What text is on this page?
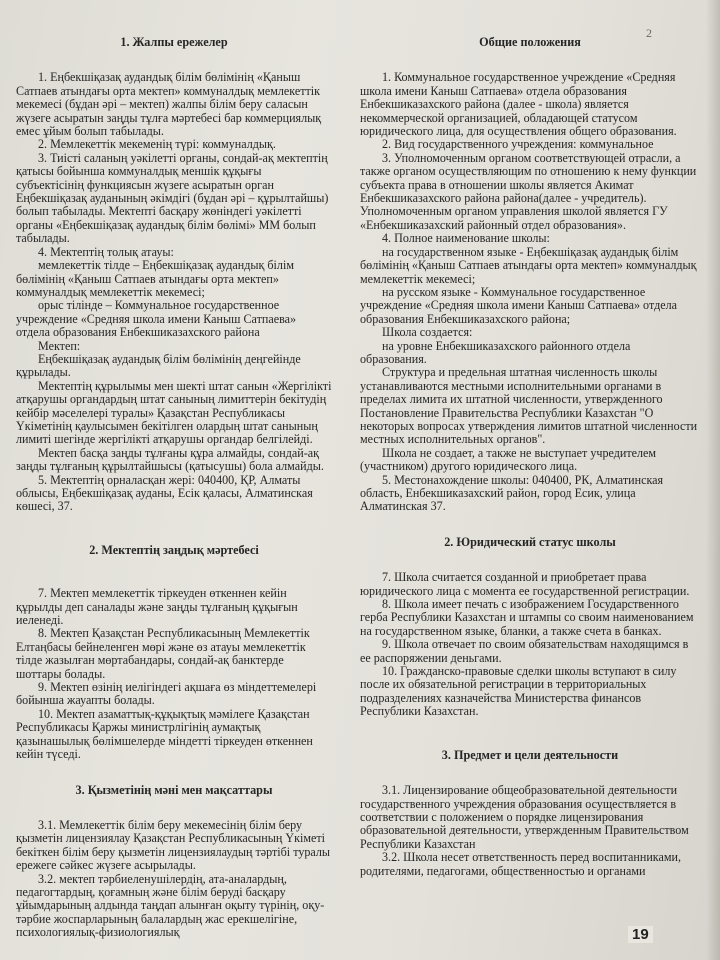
2

1. Жалпы ережелер

1. Еңбекшіқазақ аудандық білім бөлімінің «Қаныш Сатпаев атындағы орта мектеп» коммуналдық мемлекеттік мекемесі (бұдан әрі – мектеп) жалпы білім беру саласын жүзеге асыратын заңды тұлға мәртебесі бар коммерциялық емес ұйым болып табылады.

2. Мемлекеттік мекеменің түрі: коммуналдық.

3. Тиісті саланың уәкілетті органы, сондай-ақ мектептің қатысы бойынша коммуналдық меншік құқығы субъектісінің функциясын жүзеге асыратын орган Еңбекшіқазақ ауданының әкімдігі (бұдан әрі – құрылтайшы) болып табылады. Мектепті басқару жөніндегі уәкілетті органы «Еңбекшіқазақ аудандық білім бөлімі» ММ болып табылады.

4. Мектептің толық атауы:

мемлекеттік тілде – Еңбекшіқазақ аудандық білім бөлімінің «Қаныш Сатпаев атындағы орта мектеп» коммуналдық мемлекеттік мекемесі;

орыс тілінде – Коммунальное государственное учреждение «Средняя школа имени Каныш Сатпаева» отдела образования Енбекшиказахского района

Мектеп:

Еңбекшіқазақ аудандық білім бөлімінің деңгейінде құрылады.

Мектептің құрылымы мен шекті штат санын «Жергілікті атқарушы органдардың штат санының лимиттерін бекітудің кейбір мәселелері туралы» Қазақстан Республикасы Үкіметінің қаулысымен бекітілген олардың штат санының лимиті шегінде жергілікті атқарушы органдар белгілейді.

Мектеп басқа заңды тұлғаны құра алмайды, сондай-ақ заңды тұлғаның құрылтайшысы (қатысушы) бола алмайды.

5. Мектептің орналасқан жері: 040400, ҚР, Алматы облысы, Еңбекшіқазақ ауданы, Есік қаласы, Алматинская көшесі, 37.

2. Мектептің заңдық мәртебесі

7. Мектеп мемлекеттік тіркеуден өткеннен кейін құрылды деп саналады және заңды тұлғаның құқығын иеленеді.

8. Мектеп Қазақстан Республикасының Мемлекеттік Елтаңбасы бейнеленген мөрі және өз атауы мемлекеттік тілде жазылған мөртабандары, сондай-ақ банктерде шоттары болады.

9. Мектеп өзінің иелігіндегі ақшаға өз міндеттемелері бойынша жауапты болады.

10. Мектеп азаматтық-құқықтық мәмілеге Қазақстан Республикасы Қаржы министрлігінің аумақтық қазынашылық бөлімшелерде міндетті тіркеуден өткеннен кейін түседі.

3. Қызметінің мәні мен мақсаттары

3.1. Мемлекеттік білім беру мекемесінің білім беру қызметін лицензиялау Қазақстан Республикасының Үкіметі бекіткен білім беру қызметін лицензиялаудың тәртібі туралы ережеге сәйкес жүзеге асырылады.

3.2. мектеп тәрбиеленушілердің, ата-аналардың, педагогтардың, қоғамның және білім беруді басқару ұйымдарының алдында таңдап алынған оқыту түрінің, оқу-тәрбие жоспарларының балалардың жас ерекшелігіне, психологиялық-физиологиялық

Общие положения

1. Коммунальное государственное учреждение «Средняя школа имени Каныш Сатпаева» отдела образования Енбекшиказахского района (далее - школа) является некоммерческой организацией, обладающей статусом юридического лица, для осуществления общего образования.

2. Вид государственного учреждения: коммунальное

3. Уполномоченным органом соответствующей отрасли, а также органом осуществляющим по отношению к нему функции субъекта права в отношении школы является Акимат Енбекшиказахского района района(далее - учредитель). Уполномоченным органом управления школой является ГУ «Енбекшиказахский районный отдел образования».

4. Полное наименование школы:

на государственном языке - Еңбекшіқазақ аудандық білім бөлімінің «Қаныш Сатпаев атындағы орта мектеп» коммуналдық мемлекеттік мекемесі;

на русском языке - Коммунальное государственное учреждение «Средняя школа имени Каныш Сатпаева» отдела образования Енбекшиказахского района;

Школа создается:

на уровне Енбекшиказахского районного отдела образования.

Структура и предельная штатная численность школы устанавливаются местными исполнительными органами в пределах лимита их штатной численности, утвержденного Постановление Правительства Республики Казахстан "О некоторых вопросах утверждения лимитов штатной численности местных исполнительных органов".

Школа не создает, а также не выступает учредителем (участником) другого юридического лица.

5. Местонахождение школы: 040400, РК, Алматинская область, Енбекшиказахский район, город Есик, улица Алматинская 37.

2. Юридический статус школы

7. Школа считается созданной и приобретает права юридического лица с момента ее государственной регистрации.

8. Школа имеет печать с изображением Государственного герба Республики Казахстан и штампы со своим наименованием на государственном языке, бланки, а также счета в банках.

9. Школа отвечает по своим обязательствам находящимся в ее распоряжении деньгами.

10. Гражданско-правовые сделки школы вступают в силу после их обязательной регистрации в территориальных подразделениях казначейства Министерства финансов Республики Казахстан.

3. Предмет и цели деятельности

3.1. Лицензирование общеобразовательной деятельности государственного учреждения образования осуществляется в соответствии с положением о порядке лицензирования образовательной деятельности, утвержденным Правительством Республики Казахстан

3.2. Школа несет ответственность перед воспитанниками, родителями, педагогами, общественностью и органами

19
